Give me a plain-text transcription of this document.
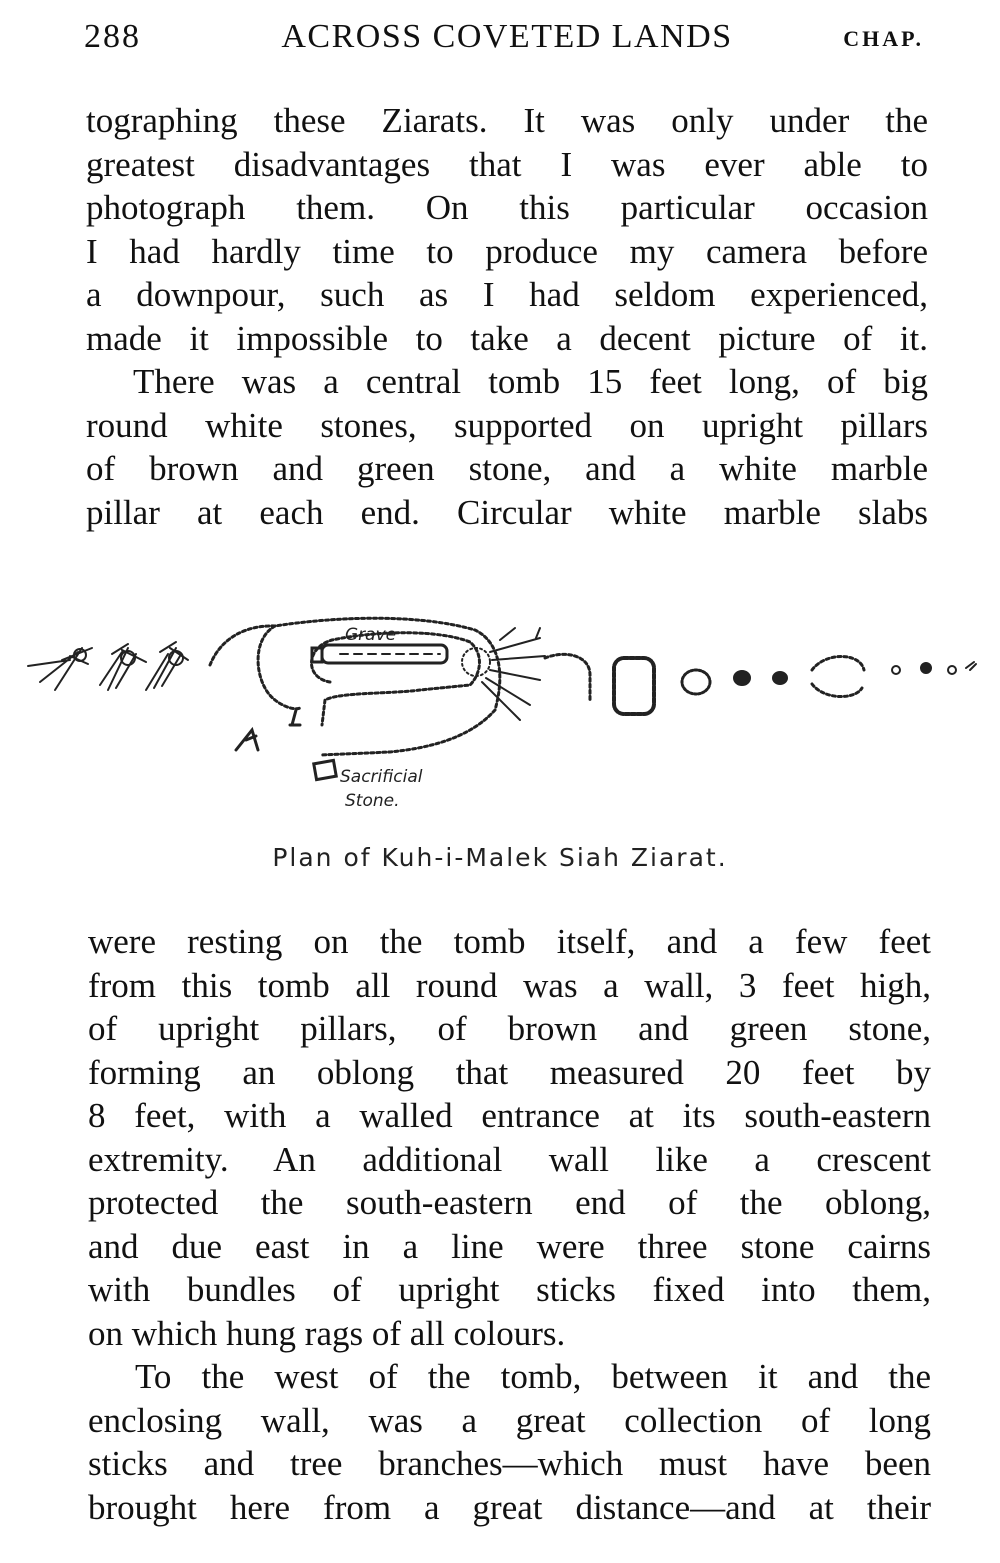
288	ACROSS COVETED LANDS	CHAP.

tographing these Ziarats. It was only under the
greatest disadvantages that I was ever able to
photograph them. On this particular occasion
I had hardly time to produce my camera before
a downpour, such as I had seldom experienced,
made it impossible to take a decent picture of it.

There was a central tomb 15 feet long, of big
round white stones, supported on upright pillars
of brown and green stone, and a white marble
pillar at each end. Circular white marble slabs

Grave
Sacrificial
Stone.
Plan of Kuh-i-Malek Siah Ziarat.

were resting on the tomb itself, and a few feet
from this tomb all round was a wall, 3 feet high,
of upright pillars, of brown and green stone,
forming an oblong that measured 20 feet by
8 feet, with a walled entrance at its south-eastern
extremity. An additional wall like a crescent
protected the south-eastern end of the oblong,
and due east in a line were three stone cairns
with bundles of upright sticks fixed into them,

on which hung rags of all colours.

To the west of the tomb, between it and the
enclosing wall, was a great collection of long
sticks and tree branches—which must have been
brought here from a great distance—and at their
